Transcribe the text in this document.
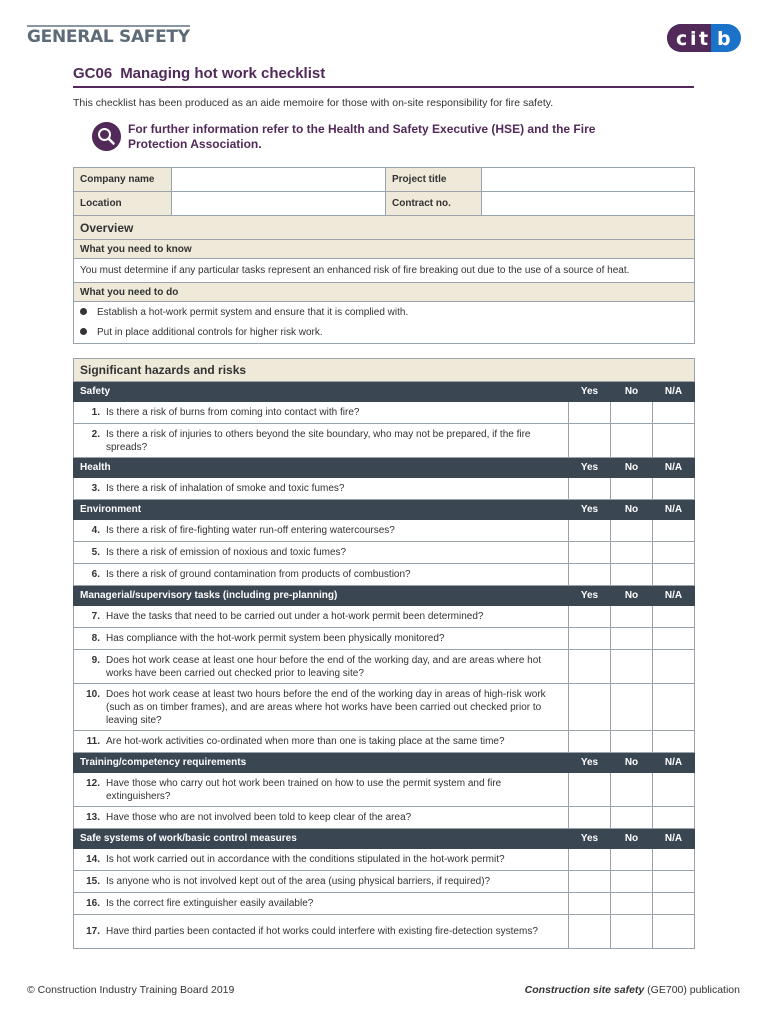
GENERAL SAFETY	c i t b
GC06 Managing hot work checklist
This checklist has been produced as an aide memoire for those with on-site responsibility for fire safety.
For further information refer to the Health and Safety Executive (HSE) and the Fire
Protection Association.
Company name		Project title	
Location		Contract no.	
Overview			
What you need to know			
You must determine if any particular tasks represent an enhanced risk of fire breaking out due to the use of a source of heat.			
What you need to do			

Establish a hot-work permit system and ensure that it is complied with.
Put in place additional controls for higher risk work.			
Significant hazards and risks			
Safety	Yes	No	N/A
1. Is there a risk of burns from coming into contact with fire?			
2. Is there a risk of injuries to others beyond the site boundary, who may not be prepared, if the fire spreads?			
Health	Yes	No	N/A
3. Is there a risk of inhalation of smoke and toxic fumes?			
Environment	Yes	No	N/A
4. Is there a risk of fire-fighting water run-off entering watercourses?			
5. Is there a risk of emission of noxious and toxic fumes?			
6. Is there a risk of ground contamination from products of combustion?			
Managerial/supervisory tasks (including pre-planning)	Yes	No	N/A
7. Have the tasks that need to be carried out under a hot-work permit been determined?			
8. Has compliance with the hot-work permit system been physically monitored?			
9. Does hot work cease at least one hour before the end of the working day, and are areas where hot works have been carried out checked prior to leaving site?			
10. Does hot work cease at least two hours before the end of the working day in areas of high-risk work (such as on timber frames), and are areas where hot works have been carried out checked prior to leaving site?			
11. Are hot-work activities co-ordinated when more than one is taking place at the same time?			
Training/competency requirements	Yes	No	N/A
12. Have those who carry out hot work been trained on how to use the permit system and fire extinguishers?			
13. Have those who are not involved been told to keep clear of the area?			
Safe systems of work/basic control measures	Yes	No	N/A
14. Is hot work carried out in accordance with the conditions stipulated in the hot-work permit?			
15. Is anyone who is not involved kept out of the area (using physical barriers, if required)?			
16. Is the correct fire extinguisher easily available?			
17. Have third parties been contacted if hot works could interfere with existing fire-detection systems?			
© Construction Industry Training Board 2019	Construction site safety (GE700) publication
